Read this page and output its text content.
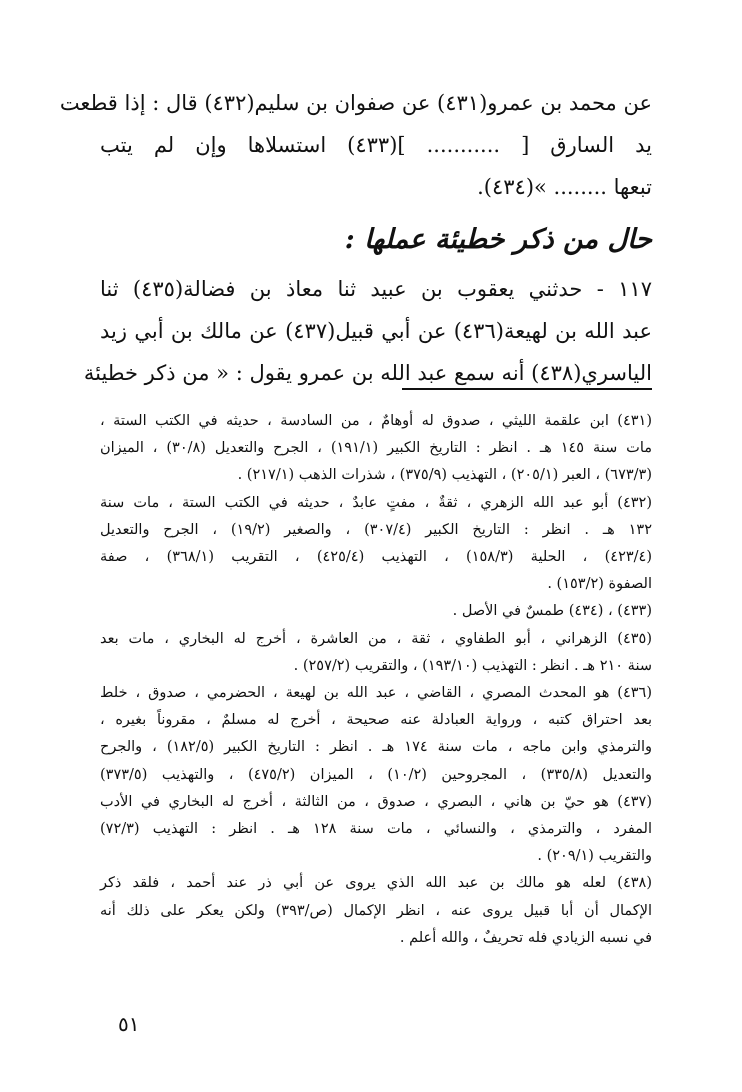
عن محمد بن عمرو(٤٣١) عن صفوان بن سليم(٤٣٢) قال : إذا قطعت

يد السارق [ ........... ](٤٣٣) استسلاها وإن لم يتب

تبعها ........ »(٤٣٤).

حال من ذكر خطيئة عملها :

١١٧ - حدثني يعقوب بن عبيد ثنا معاذ بن فضالة(٤٣٥) ثنا

عبد الله بن لهيعة(٤٣٦) عن أبي قبيل(٤٣٧) عن مالك بن أبي زيد

الياسري(٤٣٨) أنه سمع عبد الله بن عمرو يقول : « من ذكر خطيئة

(٤٣١) ابن علقمة الليثي ، صدوق له أوهامٌ ، من السادسة ، حديثه في الكتب الستة ،

مات سنة ١٤٥ هـ . انظر : التاريخ الكبير (١٩١/١) ، الجرح والتعديل (٣٠/٨) ، الميزان

(٦٧٣/٣) ، العبر (٢٠٥/١) ، التهذيب (٣٧٥/٩) ، شذرات الذهب (٢١٧/١) .

(٤٣٢) أبو عبد الله الزهري ، ثقةٌ ، مفتٍ عابدٌ ، حديثه في الكتب الستة ، مات سنة

١٣٢ هـ . انظر : التاريخ الكبير (٣٠٧/٤) ، والصغير (١٩/٢) ، الجرح والتعديل

(٤٢٣/٤) ، الحلية (١٥٨/٣) ، التهذيب (٤٢٥/٤) ، التقريب (٣٦٨/١) ، صفة

الصفوة (١٥٣/٢) .

(٤٣٣) ، (٤٣٤) طمسٌ في الأصل .

(٤٣٥) الزهراني ، أبو الطفاوي ، ثقة ، من العاشرة ، أخرج له البخاري ، مات بعد

سنة ٢١٠ هـ . انظر : التهذيب (١٩٣/١٠) ، والتقريب (٢٥٧/٢) .

(٤٣٦) هو المحدث المصري ، القاضي ، عبد الله بن لهيعة ، الحضرمي ، صدوق ، خلط

بعد احتراق كتبه ، ورواية العبادلة عنه صحيحة ، أخرج له مسلمٌ ، مقروناً بغيره ،

والترمذي وابن ماجه ، مات سنة ١٧٤ هـ . انظر : التاريخ الكبير (١٨٢/٥) ، والجرح

والتعديل (٣٣٥/٨) ، المجروحين (١٠/٢) ، الميزان (٤٧٥/٢) ، والتهذيب (٣٧٣/٥)

(٤٣٧) هو حيّ بن هاني ، البصري ، صدوق ، من الثالثة ، أخرج له البخاري في الأدب

المفرد ، والترمذي ، والنسائي ، مات سنة ١٢٨ هـ . انظر : التهذيب (٧٢/٣)

والتقريب (٢٠٩/١) .

(٤٣٨) لعله هو مالك بن عبد الله الذي يروى عن أبي ذر عند أحمد ، فلقد ذكر

الإكمال أن أبا قبيل يروى عنه ، انظر الإكمال (ص/٣٩٣) ولكن يعكر على ذلك أنه

في نسبه الزيادي فله تحريفٌ ، والله أعلم .

٥١
